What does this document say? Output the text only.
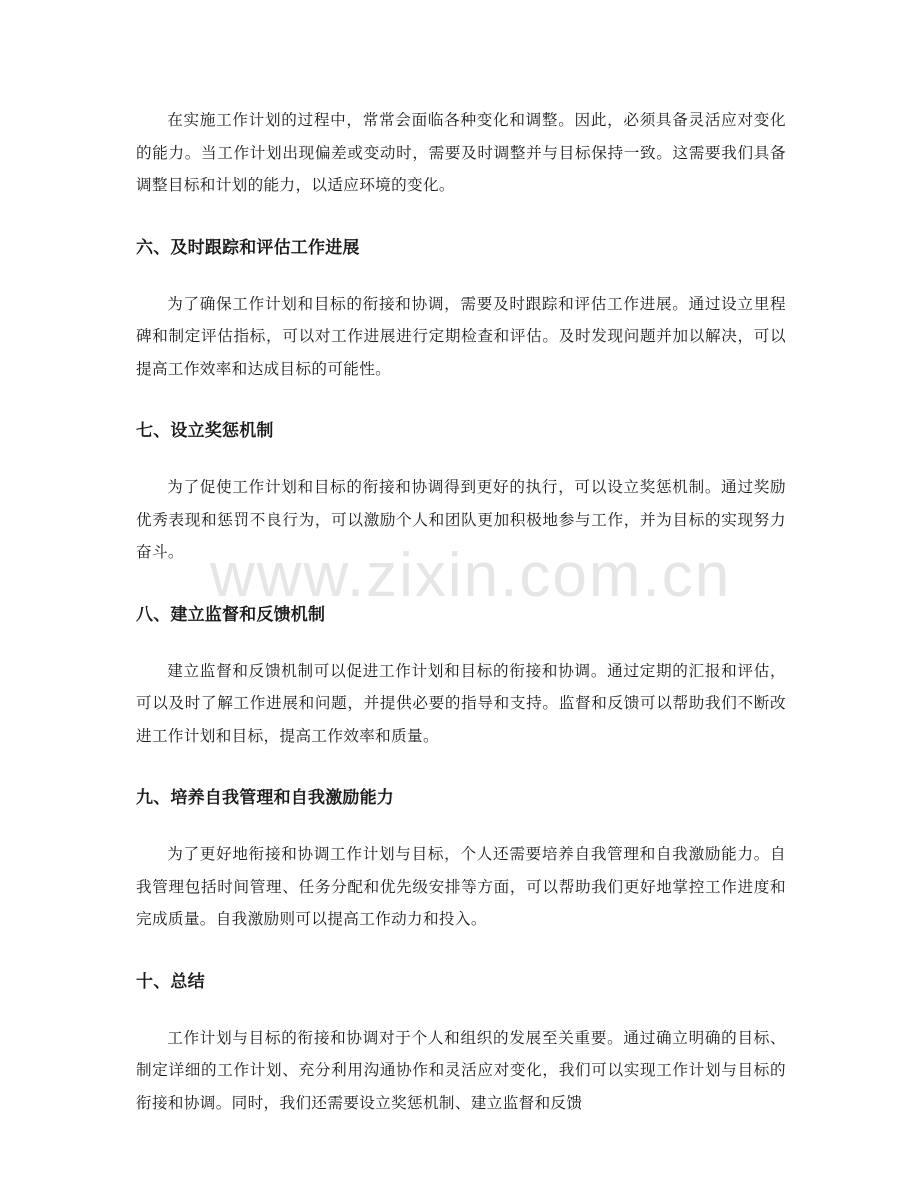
www.zixin.com.cn

在实施工作计划的过程中，常常会面临各种变化和调整。因此，必须具备灵活应对变化的能力。当工作计划出现偏差或变动时，需要及时调整并与目标保持一致。这需要我们具备调整目标和计划的能力，以适应环境的变化。

六、及时跟踪和评估工作进展

为了确保工作计划和目标的衔接和协调，需要及时跟踪和评估工作进展。通过设立里程碑和制定评估指标，可以对工作进展进行定期检查和评估。及时发现问题并加以解决，可以提高工作效率和达成目标的可能性。

七、设立奖惩机制

为了促使工作计划和目标的衔接和协调得到更好的执行，可以设立奖惩机制。通过奖励优秀表现和惩罚不良行为，可以激励个人和团队更加积极地参与工作，并为目标的实现努力奋斗。

八、建立监督和反馈机制

建立监督和反馈机制可以促进工作计划和目标的衔接和协调。通过定期的汇报和评估，可以及时了解工作进展和问题，并提供必要的指导和支持。监督和反馈可以帮助我们不断改进工作计划和目标，提高工作效率和质量。

九、培养自我管理和自我激励能力

为了更好地衔接和协调工作计划与目标，个人还需要培养自我管理和自我激励能力。自我管理包括时间管理、任务分配和优先级安排等方面，可以帮助我们更好地掌控工作进度和完成质量。自我激励则可以提高工作动力和投入。

十、总结

工作计划与目标的衔接和协调对于个人和组织的发展至关重要。通过确立明确的目标、制定详细的工作计划、充分利用沟通协作和灵活应对变化，我们可以实现工作计划与目标的衔接和协调。同时，我们还需要设立奖惩机制、建立监督和反馈
